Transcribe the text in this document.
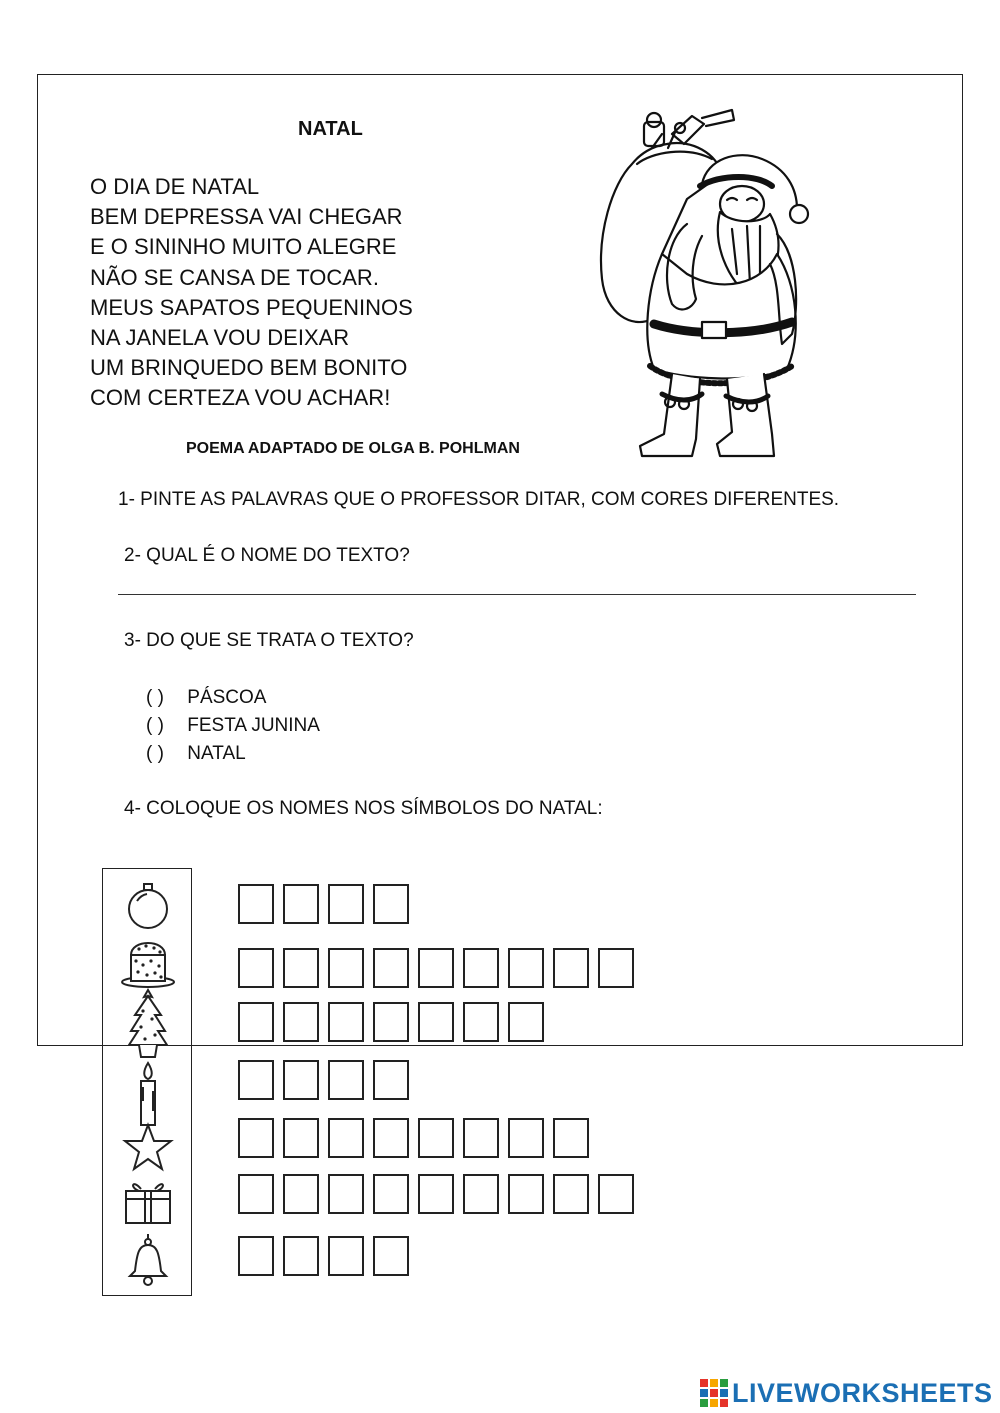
NATAL
O DIA DE NATAL
BEM DEPRESSA VAI CHEGAR
E O SININHO MUITO ALEGRE
NÃO SE CANSA DE TOCAR.
MEUS SAPATOS PEQUENINOS
NA JANELA VOU DEIXAR
UM BRINQUEDO BEM BONITO
COM CERTEZA VOU ACHAR!
POEMA ADAPTADO DE OLGA B. POHLMAN
1- PINTE AS PALAVRAS QUE O PROFESSOR DITAR, COM CORES DIFERENTES.
2- QUAL É O NOME DO TEXTO?
3- DO QUE SE TRATA O TEXTO?
( ) PÁSCOA
( ) FESTA JUNINA
( ) NATAL
4- COLOQUE OS NOMES NOS SÍMBOLOS DO NATAL:
LIVEWORKSHEETS
